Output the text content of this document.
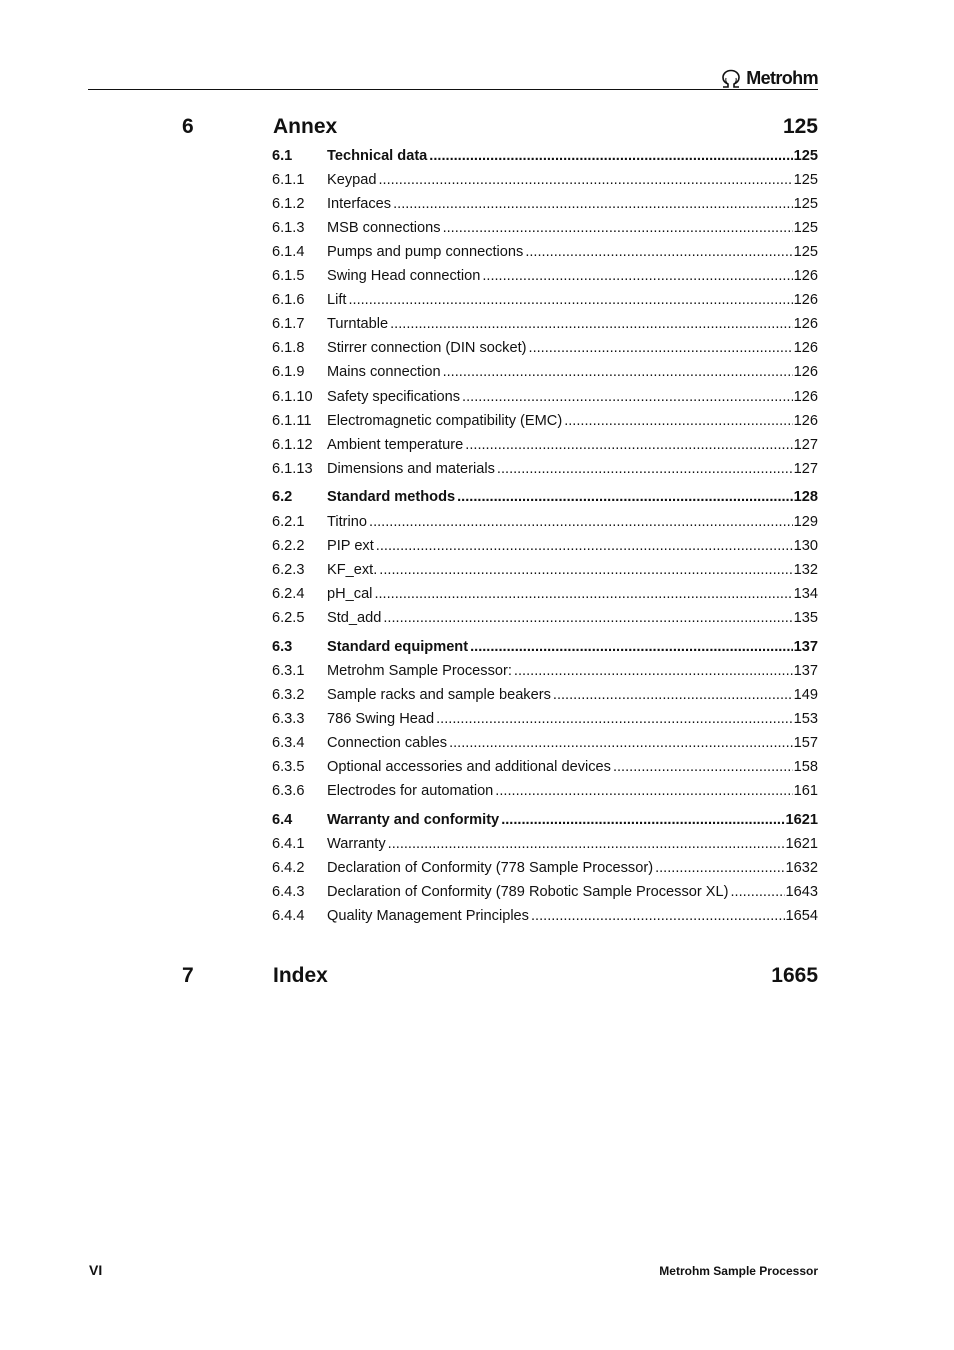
Metrohm
6	Annex	125
6.1	Technical data .....	125
6.1.1	Keypad .....	125
6.1.2	Interfaces .....	125
6.1.3	MSB connections .....	125
6.1.4	Pumps and pump connections .....	125
6.1.5	Swing Head connection .....	126
6.1.6	Lift .....	126
6.1.7	Turntable .....	126
6.1.8	Stirrer connection (DIN socket) .....	126
6.1.9	Mains connection .....	126
6.1.10 Safety specifications .....	126
6.1.11	Electromagnetic compatibility (EMC) .....	126
6.1.12 Ambient temperature .....	127
6.1.13 Dimensions and materials .....	127
6.2	Standard methods .....	128
6.2.1	Titrino .....	129
6.2.2	PIP ext .....	130
6.2.3	KF_ext. .....	132
6.2.4	pH_cal .....	134
6.2.5	Std_add .....	135
6.3	Standard equipment .....	137
6.3.1	Metrohm Sample Processor: .....	137
6.3.2	Sample racks and sample beakers .....	149
6.3.3	786 Swing Head .....	153
6.3.4	Connection cables .....	157
6.3.5	Optional accessories and additional devices .....	158
6.3.6	Electrodes for automation .....	161
6.4	Warranty and conformity .....	1621
6.4.1	Warranty .....	1621
6.4.2	Declaration of Conformity (778 Sample Processor) .....	1632
6.4.3	Declaration of Conformity (789 Robotic Sample Processor XL) .....	1643
6.4.4	Quality Management Principles .....	1654
7	Index	1665
VI	Metrohm Sample Processor
